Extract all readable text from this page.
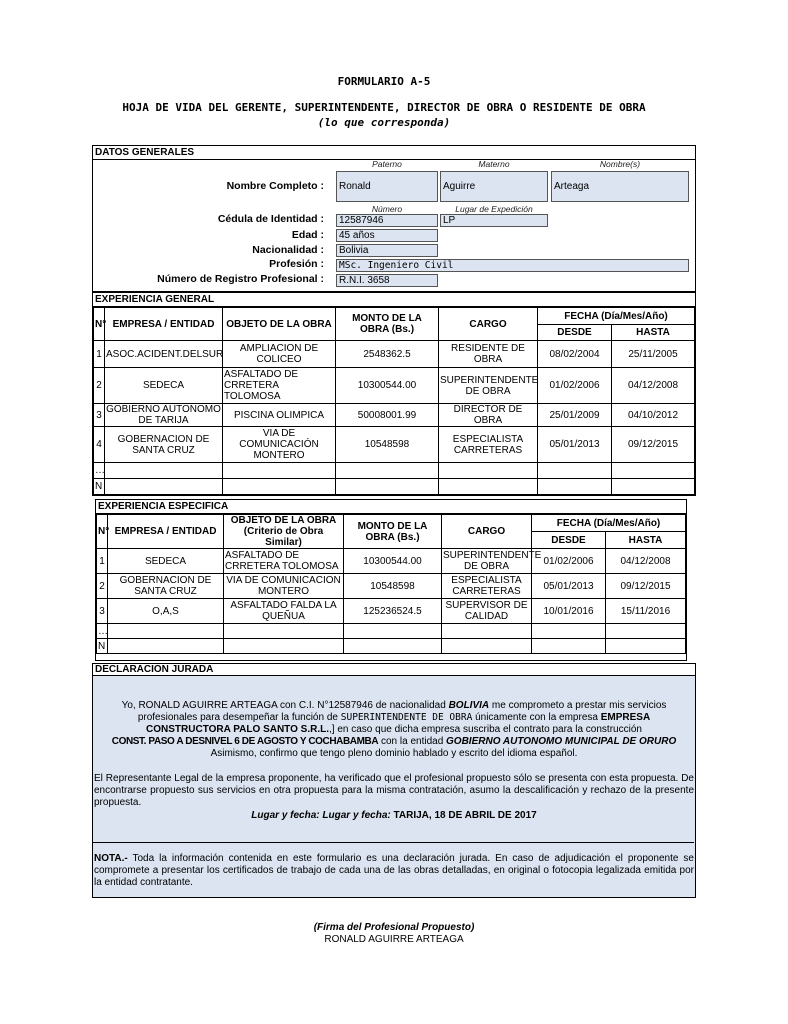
FORMULARIO A-5
HOJA DE VIDA DEL GERENTE, SUPERINTENDENTE, DIRECTOR DE OBRA O RESIDENTE DE OBRA
(lo que corresponda)
DATOS GENERALES
Paterno	Materno	Nombre(s)
Nombre Completo :	Ronald	Aguirre	Arteaga
Número	Lugar de Expedición
Cédula de Identidad :	12587946	LP
Edad :	45 años
Nacionalidad :	Bolivia
Profesión :	MSc. Ingeniero Civil
Número de Registro Profesional :	R.N.I. 3658
EXPERIENCIA GENERAL
N°	EMPRESA / ENTIDAD	OBJETO DE LA OBRA	MONTO DE LA OBRA (Bs.)	CARGO	FECHA (Día/Mes/Año)	
					DESDE	HASTA
1	ASOC.ACIDENT.DELSUR	AMPLIACION DE COLICEO	2548362.5	RESIDENTE DE OBRA	08/02/2004	25/11/2005
2	SEDECA	ASFALTADO DE CRRETERA TOLOMOSA	10300544.00	SUPERINTENDENTE DE OBRA	01/02/2006	04/12/2008
3	GOBIERNO AUTONOMO DE TARIJA	PISCINA OLIMPICA	50008001.99	DIRECTOR DE OBRA	25/01/2009	04/10/2012
4	GOBERNACION DE SANTA CRUZ	VIA DE COMUNICACIÓN MONTERO	10548598	ESPECIALISTA CARRETERAS	05/01/2013	09/12/2015
…						
N						
EXPERIENCIA ESPECIFICA
N°	EMPRESA / ENTIDAD	OBJETO DE LA OBRA (Criterio de Obra Similar)	MONTO DE LA OBRA (Bs.)	CARGO	FECHA (Día/Mes/Año)	
					DESDE	HASTA
1	SEDECA	ASFALTADO DE CRRETERA TOLOMOSA	10300544.00	SUPERINTENDENTE DE OBRA	01/02/2006	04/12/2008
2	GOBERNACION DE SANTA CRUZ	VIA DE COMUNICACION MONTERO	10548598	ESPECIALISTA CARRETERAS	05/01/2013	09/12/2015
3	O,A,S	ASFALTADO FALDA LA QUEÑUA	125236524.5	SUPERVISOR DE CALIDAD	10/01/2016	15/11/2016
…						
N						
DECLARACION JURADA
Yo, RONALD AGUIRRE ARTEAGA con C.I. N°12587946 de nacionalidad BOLIVIA me comprometo a prestar mis servicios
profesionales para desempeñar la función de SUPERINTENDENTE DE OBRA únicamente con la empresa EMPRESA CONSTRUCTORA PALO SANTO S.R.L.,] en caso que dicha empresa suscriba el contrato para la construcción
CONST. PASO A DESNIVEL 6 DE AGOSTO Y COCHABAMBA con la entidad GOBIERNO AUTONOMO MUNICIPAL DE ORURO
Asimismo, confirmo que tengo pleno dominio hablado y escrito del idioma español.
El Representante Legal de la empresa proponente, ha verificado que el profesional propuesto sólo se presenta con esta propuesta. De encontrarse propuesto sus servicios en otra propuesta para la misma contratación, asumo la descalificación y rechazo de la presente propuesta.
Lugar y fecha: Lugar y fecha: TARIJA, 18 DE ABRIL DE 2017
NOTA.- Toda la información contenida en este formulario es una declaración jurada. En caso de adjudicación el proponente se compromete a presentar los certificados de trabajo de cada una de las obras detalladas, en original o fotocopia legalizada emitida por la entidad contratante.
(Firma del Profesional Propuesto)
RONALD AGUIRRE ARTEAGA
